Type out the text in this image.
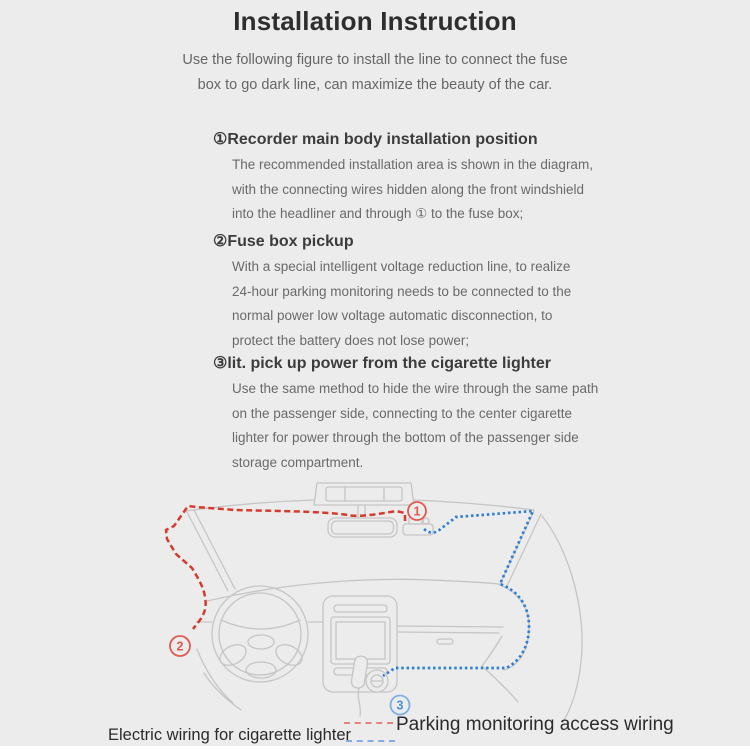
Installation Instruction
Use the following figure to install the line to connect the fuse
box to go dark line, can maximize the beauty of the car.
①Recorder main body installation position
The recommended installation area is shown in the diagram,
with the connecting wires hidden along the front windshield
into the headliner and through ① to the fuse box;
②Fuse box pickup
With a special intelligent voltage reduction line, to realize
24-hour parking monitoring needs to be connected to the
normal power low voltage automatic disconnection, to
protect the battery does not lose power;
③lit. pick up power from the cigarette lighter
Use the same method to hide the wire through the same path
on the passenger side, connecting to the center cigarette
lighter for power through the bottom of the passenger side
storage compartment.
1
2
3
Electric wiring for cigarette lighter Parking monitoring access wiring
